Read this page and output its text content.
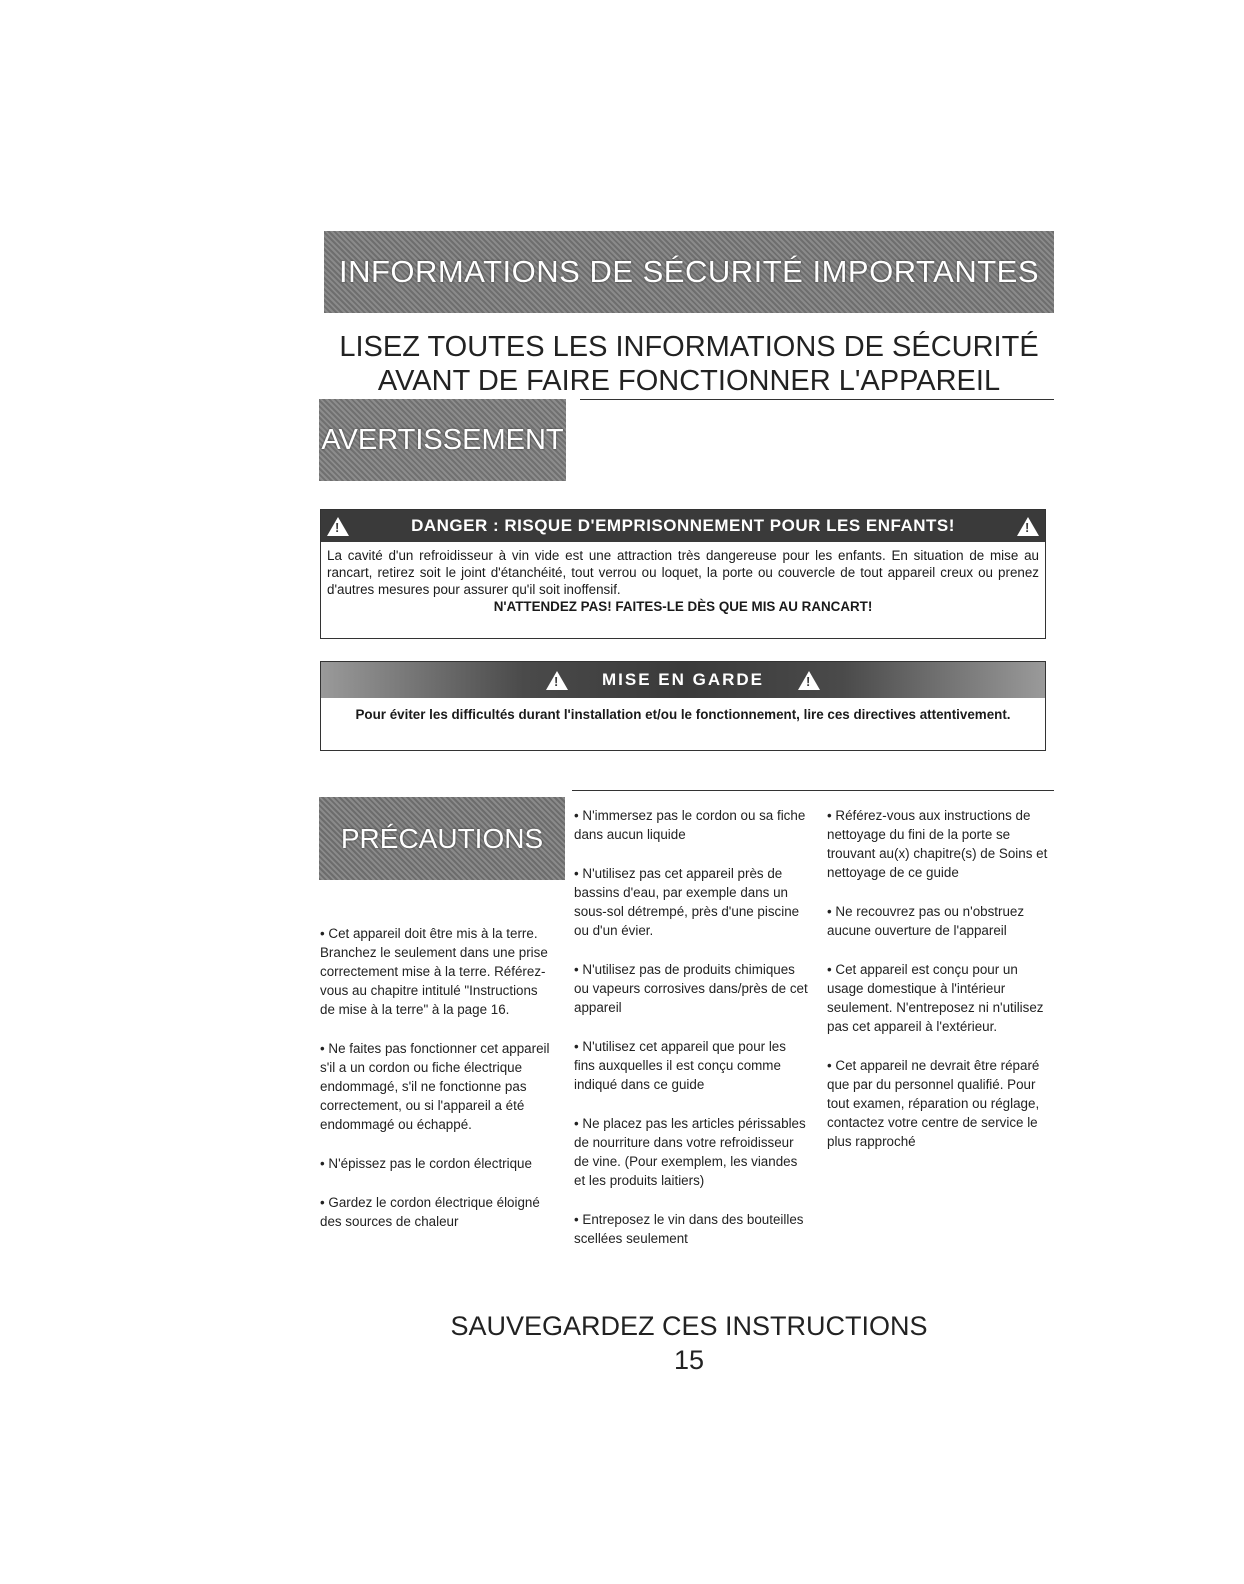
INFORMATIONS DE SÉCURITÉ IMPORTANTES
LISEZ TOUTES LES INFORMATIONS DE SÉCURITÉ
AVANT DE FAIRE FONCTIONNER L'APPAREIL
AVERTISSEMENT
!
DANGER : RISQUE D'EMPRISONNEMENT POUR LES ENFANTS!
!
La cavité d'un refroidisseur à vin vide est une attraction très dangereuse pour les enfants. En situation de mise au rancart, retirez soit le joint d'étanchéité, tout verrou ou loquet, la porte ou couvercle de tout appareil creux ou prenez d'autres mesures pour assurer qu'il soit inoffensif.
N'ATTENDEZ PAS! FAITES-LE DÈS QUE MIS AU RANCART!
!
MISE EN GARDE
!
Pour éviter les difficultés durant l'installation et/ou le fonctionnement, lire ces directives attentivement.
PRÉCAUTIONS

• Cet appareil doit être mis à la terre. Branchez le seulement dans une prise correctement mise à la terre. Référez-vous au chapitre intitulé "Instructions de mise à la terre" à la page 16.

• Ne faites pas fonctionner cet appareil s'il a un cordon ou fiche électrique endommagé, s'il ne fonctionne pas correctement, ou si l'appareil a été endommagé ou échappé.

• N'épissez pas le cordon électrique

• Gardez le cordon électrique éloigné des sources de chaleur

• N'immersez pas le cordon ou sa fiche dans aucun liquide

• N'utilisez pas cet appareil près de bassins d'eau, par exemple dans un sous-sol détrempé, près d'une piscine ou d'un évier.

• N'utilisez pas de produits chimiques ou vapeurs corrosives dans/près de cet appareil

• N'utilisez cet appareil que pour les fins auxquelles il est conçu comme indiqué dans ce guide

• Ne placez pas les articles périssables de nourriture dans votre refroidisseur de vine. (Pour exemplem, les viandes et les produits laitiers)

• Entreposez le vin dans des bouteilles scellées seulement

• Référez-vous aux instructions de nettoyage du fini de la porte se trouvant au(x) chapitre(s) de Soins et nettoyage de ce guide

• Ne recouvrez pas ou n'obstruez aucune ouverture de l'appareil

• Cet appareil est conçu pour un usage domestique à l'intérieur seulement. N'entreposez ni n'utilisez pas cet appareil à l'extérieur.

• Cet appareil ne devrait être réparé que par du personnel qualifié. Pour tout examen, réparation ou réglage, contactez votre centre de service le plus rapproché

SAUVEGARDEZ CES INSTRUCTIONS
15
